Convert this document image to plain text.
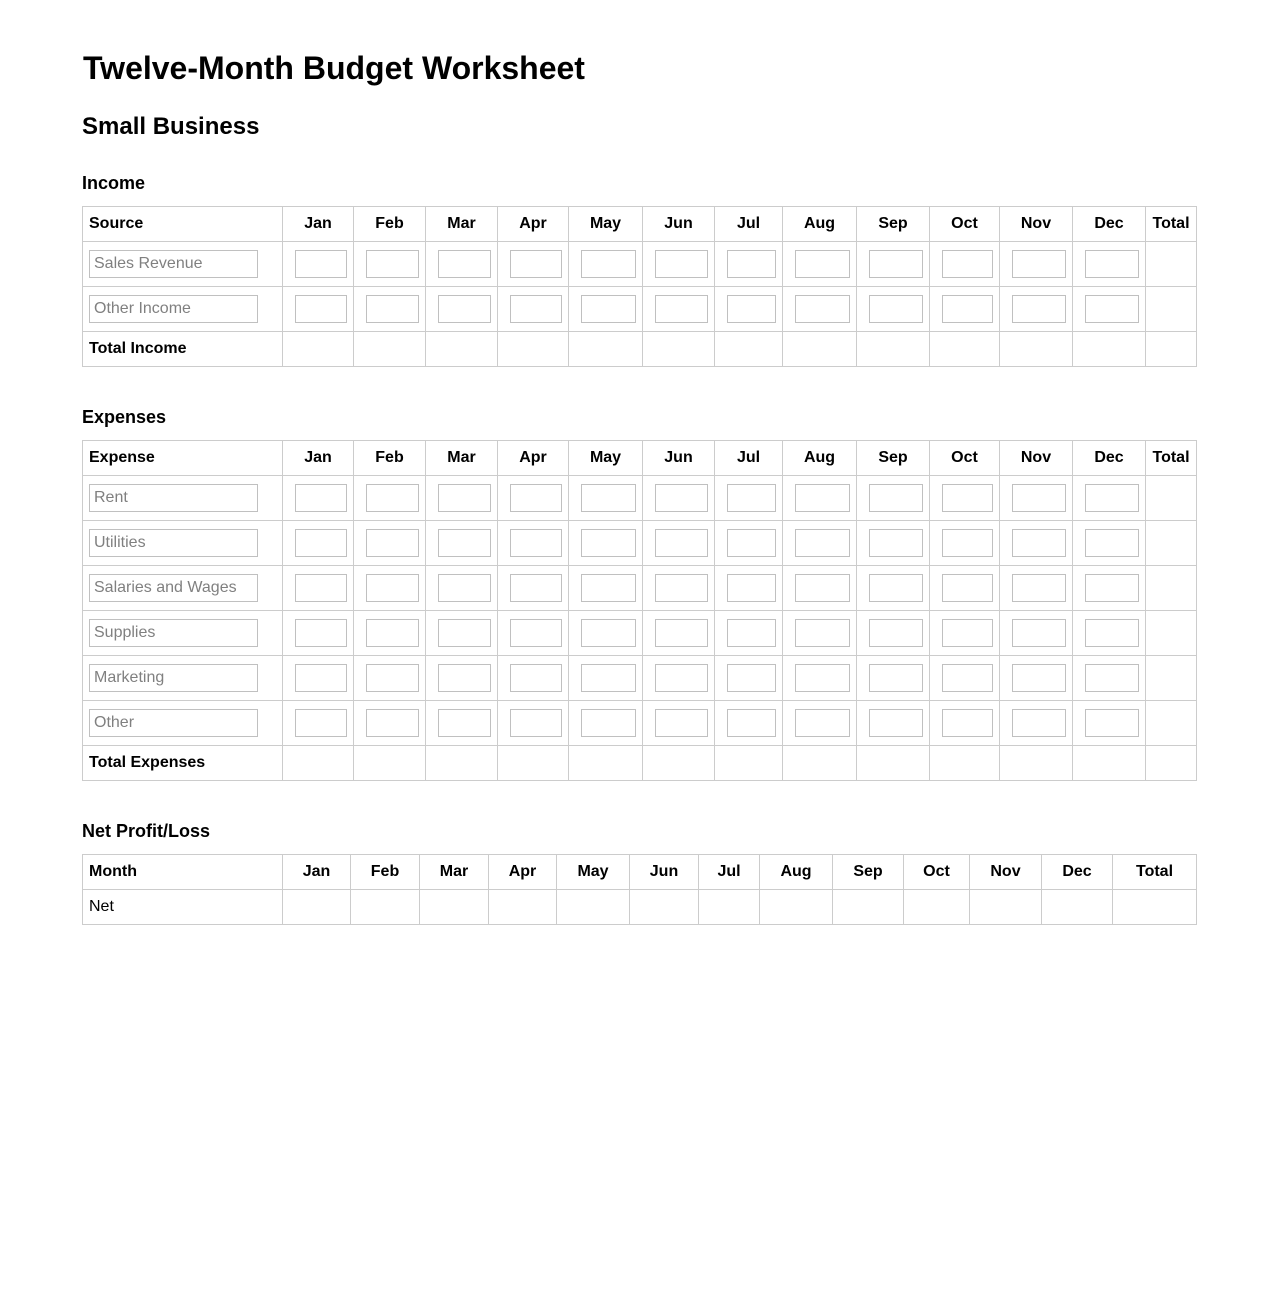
Twelve-Month Budget Worksheet
Small Business
Income
Source	Jan	Feb	Mar	Apr	May	Jun	Jul	Aug	Sep	Oct	Nov	Dec	Total

Sales Revenue	

Other Income	

Total Income													
Expenses
Expense	Jan	Feb	Mar	Apr	May	Jun	Jul	Aug	Sep	Oct	Nov	Dec	Total

Rent	

Utilities	

Salaries and Wages	

Supplies	

Marketing	

Other	

Total Expenses													
Net Profit/Loss
Month	Jan	Feb	Mar	Apr	May	Jun	Jul	Aug	Sep	Oct	Nov	Dec	Total
Net													
